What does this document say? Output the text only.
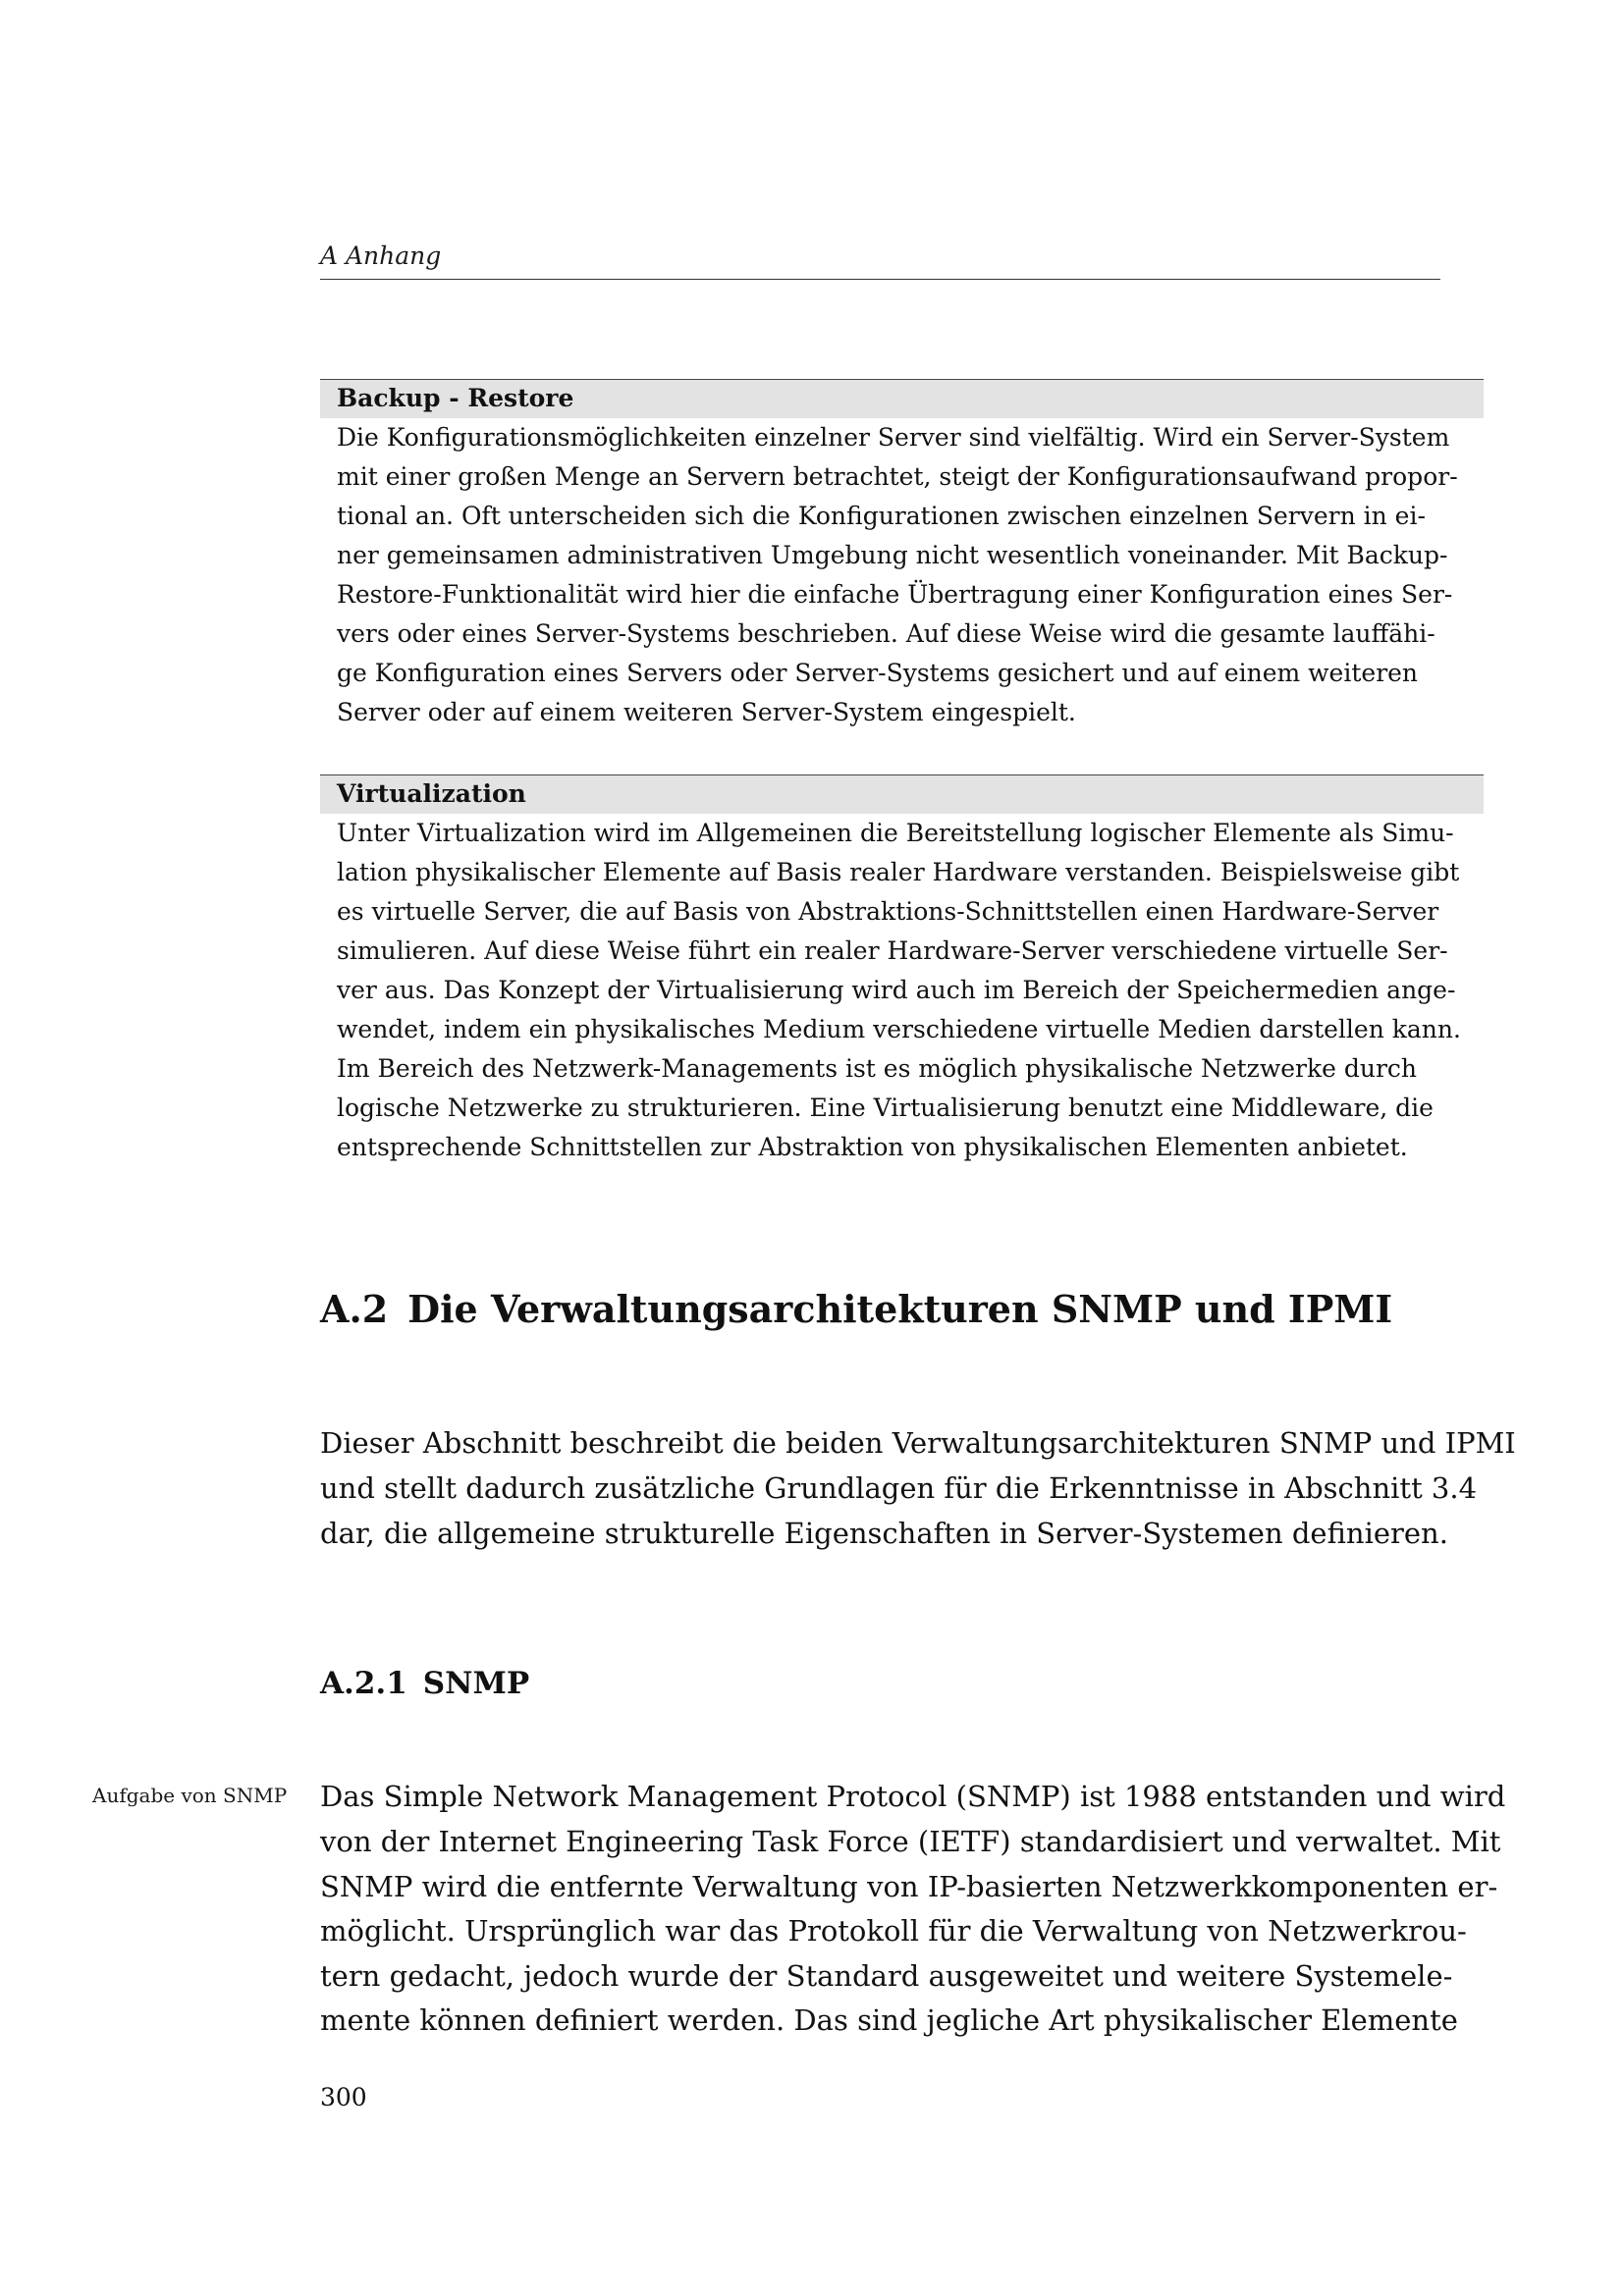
A Anhang
Backup - Restore
Die Konfigurationsmöglichkeiten einzelner Server sind vielfältig. Wird ein Server-System
mit einer großen Menge an Servern betrachtet, steigt der Konfigurationsaufwand propor-
tional an. Oft unterscheiden sich die Konfigurationen zwischen einzelnen Servern in ei-
ner gemeinsamen administrativen Umgebung nicht wesentlich voneinander. Mit Backup-
Restore-Funktionalität wird hier die einfache Übertragung einer Konfiguration eines Ser-
vers oder eines Server-Systems beschrieben. Auf diese Weise wird die gesamte lauffähi-
ge Konfiguration eines Servers oder Server-Systems gesichert und auf einem weiteren
Server oder auf einem weiteren Server-System eingespielt.
Virtualization
Unter Virtualization wird im Allgemeinen die Bereitstellung logischer Elemente als Simu-
lation physikalischer Elemente auf Basis realer Hardware verstanden. Beispielsweise gibt
es virtuelle Server, die auf Basis von Abstraktions-Schnittstellen einen Hardware-Server
simulieren. Auf diese Weise führt ein realer Hardware-Server verschiedene virtuelle Ser-
ver aus. Das Konzept der Virtualisierung wird auch im Bereich der Speichermedien ange-
wendet, indem ein physikalisches Medium verschiedene virtuelle Medien darstellen kann.
Im Bereich des Netzwerk-Managements ist es möglich physikalische Netzwerke durch
logische Netzwerke zu strukturieren. Eine Virtualisierung benutzt eine Middleware, die
entsprechende Schnittstellen zur Abstraktion von physikalischen Elementen anbietet.
A.2 Die Verwaltungsarchitekturen SNMP und IPMI
Dieser Abschnitt beschreibt die beiden Verwaltungsarchitekturen SNMP und IPMI
und stellt dadurch zusätzliche Grundlagen für die Erkenntnisse in Abschnitt 3.4
dar, die allgemeine strukturelle Eigenschaften in Server-Systemen definieren.
A.2.1 SNMP
Aufgabe von SNMP Das Simple Network Management Protocol (SNMP) ist 1988 entstanden und wird
von der Internet Engineering Task Force (IETF) standardisiert und verwaltet. Mit
SNMP wird die entfernte Verwaltung von IP-basierten Netzwerkkomponenten er-
möglicht. Ursprünglich war das Protokoll für die Verwaltung von Netzwerkrou-
tern gedacht, jedoch wurde der Standard ausgeweitet und weitere Systemele-
mente können definiert werden. Das sind jegliche Art physikalischer Elemente
300
